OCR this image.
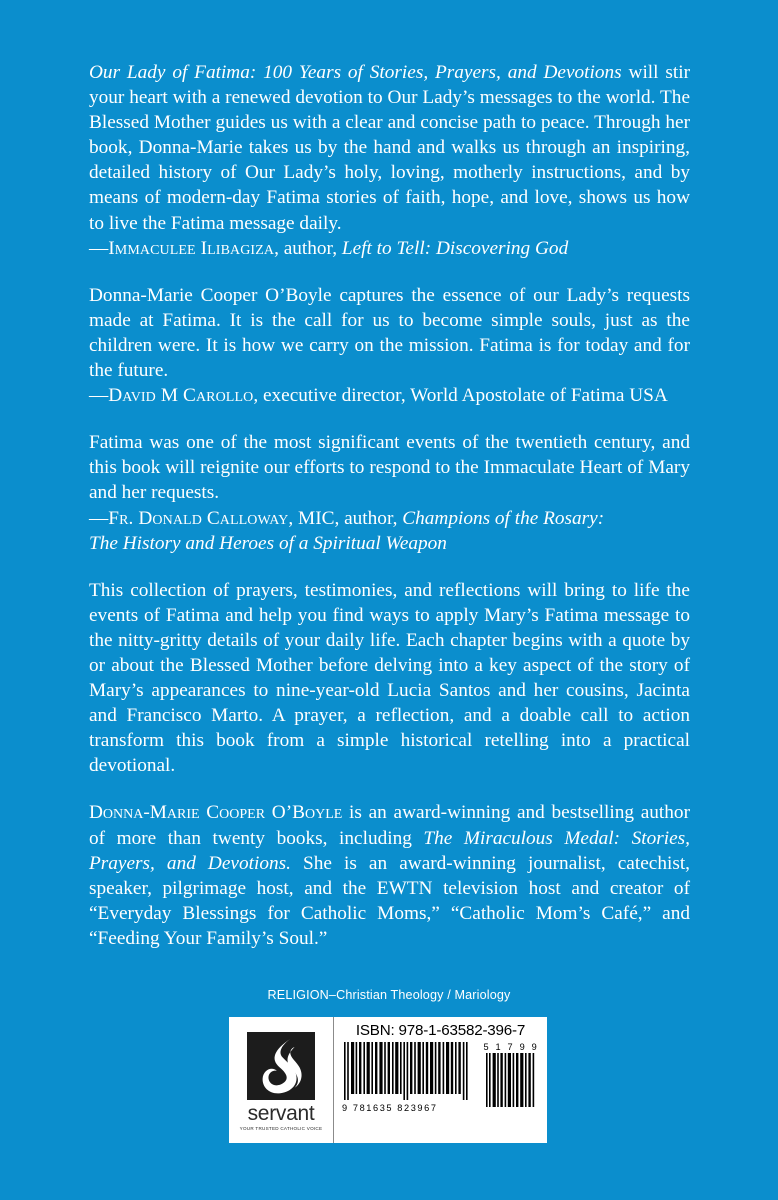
Our Lady of Fatima: 100 Years of Stories, Prayers, and Devotions will stir your heart with a renewed devotion to Our Lady’s messages to the world. The Blessed Mother guides us with a clear and concise path to peace. Through her book, Donna-Marie takes us by the hand and walks us through an inspiring, detailed history of Our Lady’s holy, loving, motherly instructions, and by means of modern-day Fatima stories of faith, hope, and love, shows us how to live the Fatima message daily.

—Immaculee Ilibagiza, author, Left to Tell: Discovering God

Donna-Marie Cooper O’Boyle captures the essence of our Lady’s requests made at Fatima. It is the call for us to become simple souls, just as the children were. It is how we carry on the mission. Fatima is for today and for the future.

—David M Carollo, executive director, World Apostolate of Fatima USA

Fatima was one of the most significant events of the twentieth century, and this book will reignite our efforts to respond to the Immaculate Heart of Mary and her requests.

—Fr. Donald Calloway, MIC, author, Champions of the Rosary:

The History and Heroes of a Spiritual Weapon

This collection of prayers, testimonies, and reflections will bring to life the events of Fatima and help you find ways to apply Mary’s Fatima message to the nitty-gritty details of your daily life. Each chapter begins with a quote by or about the Blessed Mother before delving into a key aspect of the story of Mary’s appearances to nine-year-old Lucia Santos and her cousins, Jacinta and Francisco Marto. A prayer, a reflection, and a doable call to action transform this book from a simple historical retelling into a practical devotional.

Donna-Marie Cooper O’Boyle is an award-winning and bestselling author of more than twenty books, including The Miraculous Medal: Stories, Prayers, and Devotions. She is an award-winning journalist, catechist, speaker, pilgrimage host, and the EWTN television host and creator of “Everyday Blessings for Catholic Moms,” “Catholic Mom’s Café,” and “Feeding Your Family’s Soul.”

RELIGION–Christian Theology / Mariology
servant
YOUR TRUSTED CATHOLIC VOICE
ISBN: 978-1-63582-396-7
9 781635 823967
5 1 7 9 9
